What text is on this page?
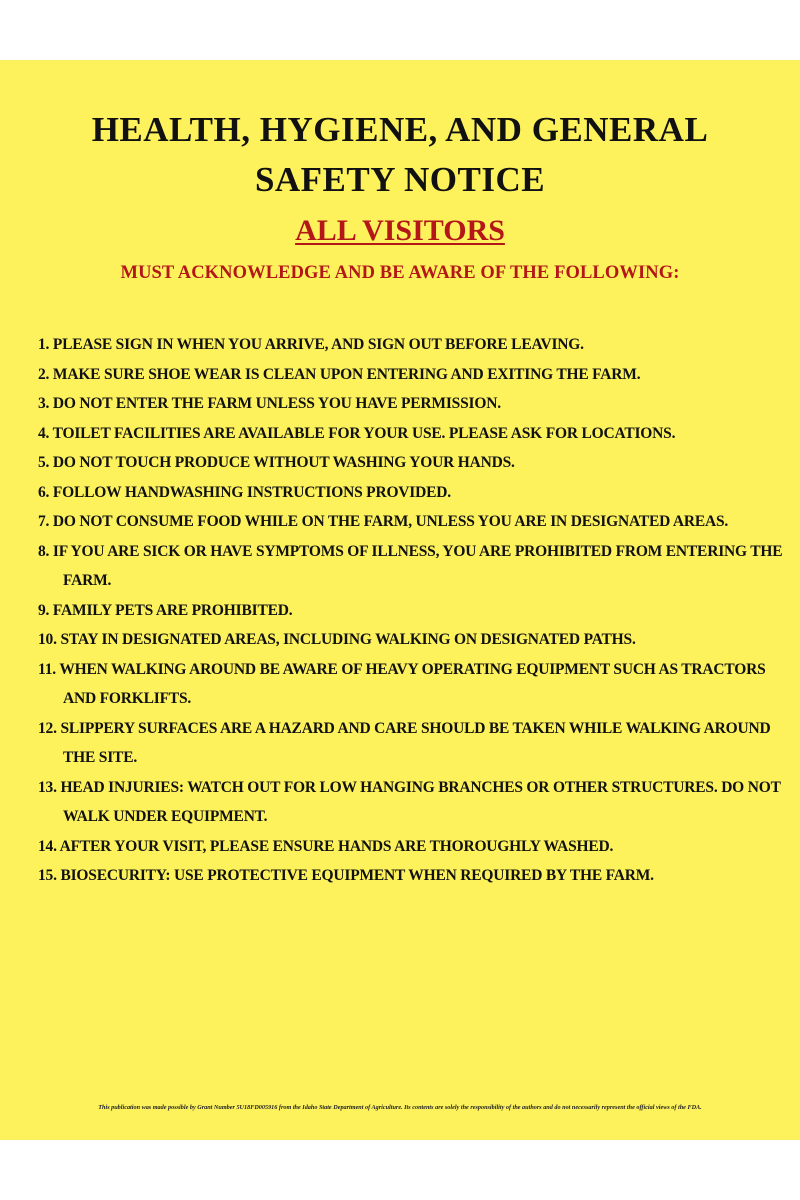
HEALTH, HYGIENE, AND GENERAL
SAFETY NOTICE
ALL VISITORS
MUST ACKNOWLEDGE AND BE AWARE OF THE FOLLOWING:
1. PLEASE SIGN IN WHEN YOU ARRIVE, AND SIGN OUT BEFORE LEAVING.
2. MAKE SURE SHOE WEAR IS CLEAN UPON ENTERING AND EXITING THE FARM.
3. DO NOT ENTER THE FARM UNLESS YOU HAVE PERMISSION.
4. TOILET FACILITIES ARE AVAILABLE FOR YOUR USE. PLEASE ASK FOR LOCATIONS.
5. DO NOT TOUCH PRODUCE WITHOUT WASHING YOUR HANDS.
6. FOLLOW HANDWASHING INSTRUCTIONS PROVIDED.
7. DO NOT CONSUME FOOD WHILE ON THE FARM, UNLESS YOU ARE IN DESIGNATED AREAS.
8. IF YOU ARE SICK OR HAVE SYMPTOMS OF ILLNESS, YOU ARE PROHIBITED FROM ENTERING THE FARM.
9. FAMILY PETS ARE PROHIBITED.
10. STAY IN DESIGNATED AREAS, INCLUDING WALKING ON DESIGNATED PATHS.
11. WHEN WALKING AROUND BE AWARE OF HEAVY OPERATING EQUIPMENT SUCH AS TRACTORS AND FORKLIFTS.
12. SLIPPERY SURFACES ARE A HAZARD AND CARE SHOULD BE TAKEN WHILE WALKING AROUND THE SITE.
13. HEAD INJURIES: WATCH OUT FOR LOW HANGING BRANCHES OR OTHER STRUCTURES. DO NOT WALK UNDER EQUIPMENT.
14. AFTER YOUR VISIT, PLEASE ENSURE HANDS ARE THOROUGHLY WASHED.
15. BIOSECURITY: USE PROTECTIVE EQUIPMENT WHEN REQUIRED BY THE FARM.
This publication was made possible by Grant Number 5U18FD005916 from the Idaho State Department of Agriculture. Its contents are solely the responsibility of the authors and do not necessarily represent the official views of the FDA.
